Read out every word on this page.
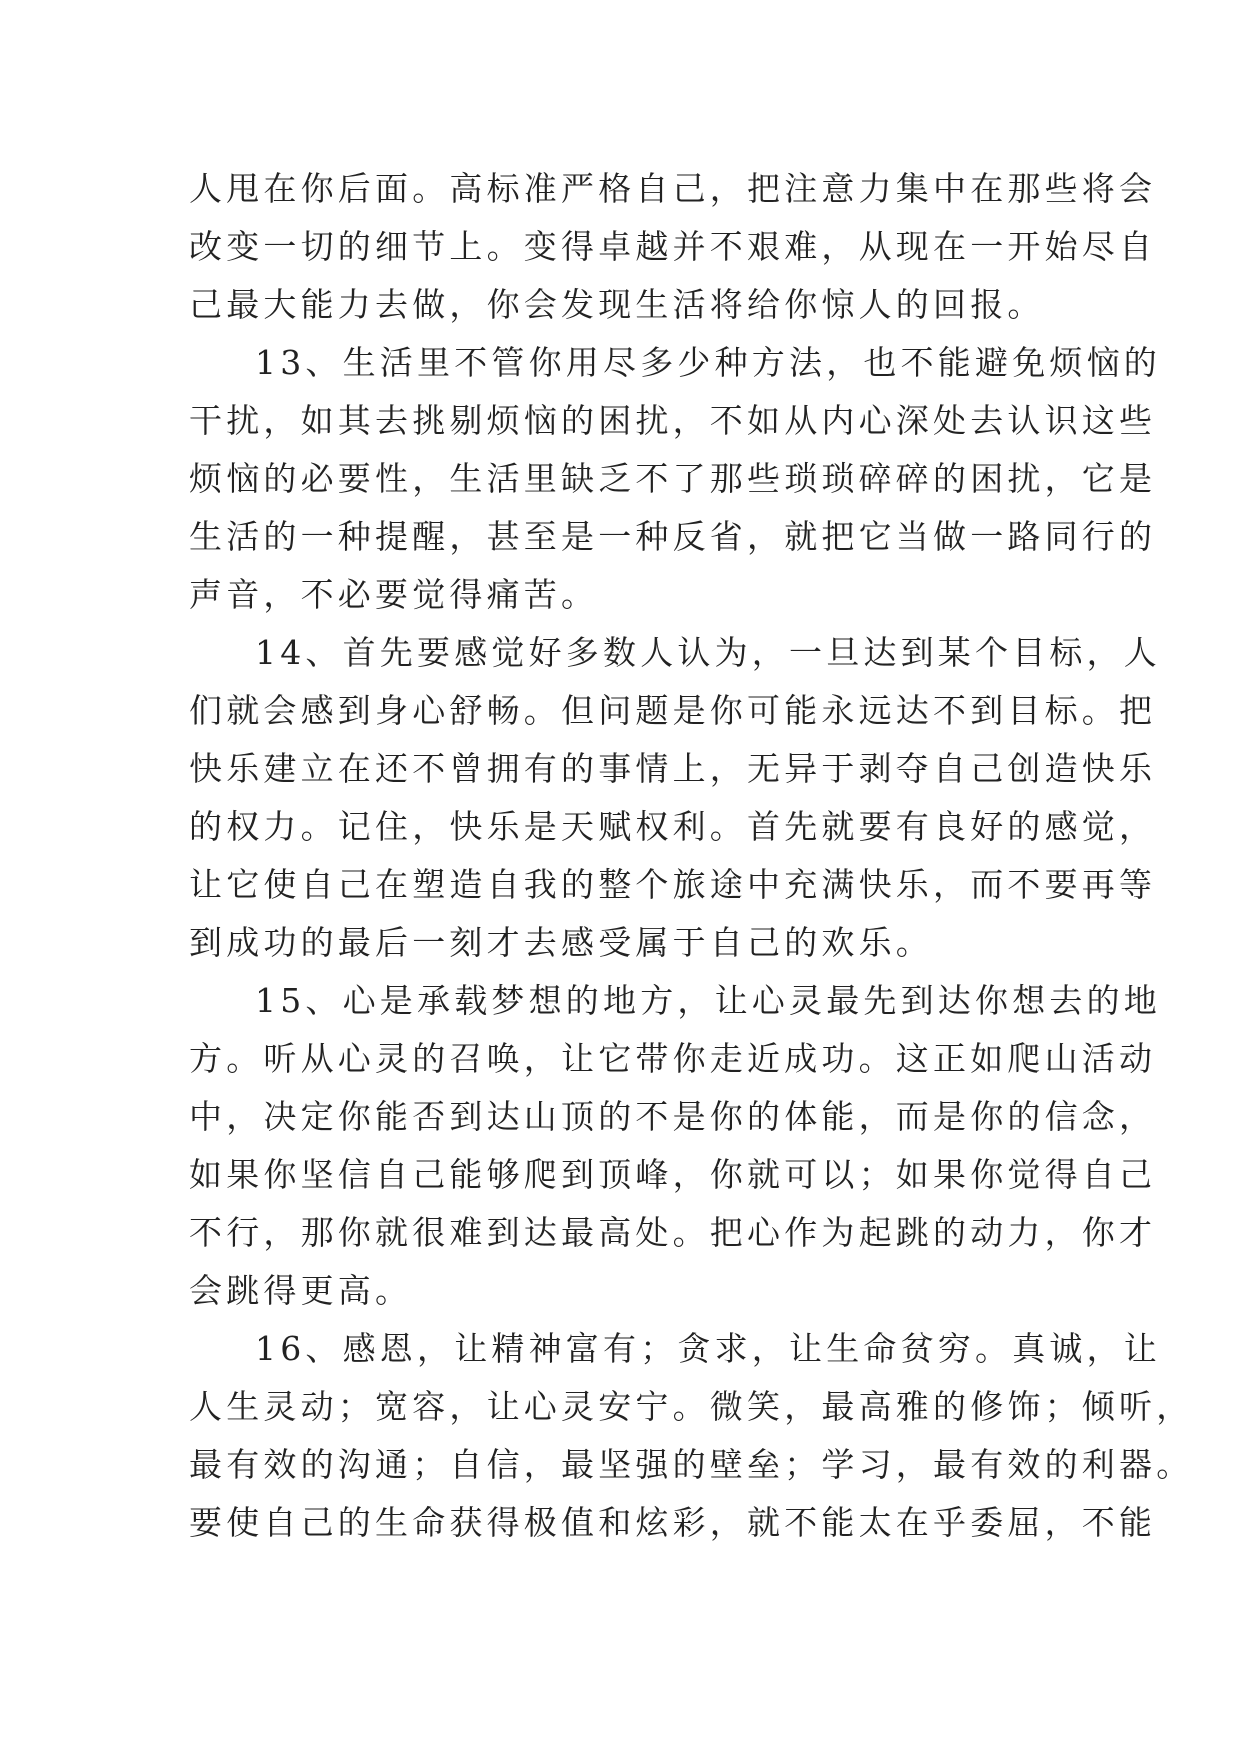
人甩在你后面。高标准严格自己，把注意力集中在那些将会
改变一切的细节上。变得卓越并不艰难，从现在一开始尽自
己最大能力去做，你会发现生活将给你惊人的回报。
13、生活里不管你用尽多少种方法，也不能避免烦恼的
干扰，如其去挑剔烦恼的困扰，不如从内心深处去认识这些
烦恼的必要性，生活里缺乏不了那些琐琐碎碎的困扰，它是
生活的一种提醒，甚至是一种反省，就把它当做一路同行的
声音，不必要觉得痛苦。
14、首先要感觉好多数人认为，一旦达到某个目标，人
们就会感到身心舒畅。但问题是你可能永远达不到目标。把
快乐建立在还不曾拥有的事情上，无异于剥夺自己创造快乐
的权力。记住，快乐是天赋权利。首先就要有良好的感觉，
让它使自己在塑造自我的整个旅途中充满快乐，而不要再等
到成功的最后一刻才去感受属于自己的欢乐。
15、心是承载梦想的地方，让心灵最先到达你想去的地
方。听从心灵的召唤，让它带你走近成功。这正如爬山活动
中，决定你能否到达山顶的不是你的体能，而是你的信念，
如果你坚信自己能够爬到顶峰，你就可以；如果你觉得自己
不行，那你就很难到达最高处。把心作为起跳的动力，你才
会跳得更高。
16、感恩，让精神富有；贪求，让生命贫穷。真诚，让
人生灵动；宽容，让心灵安宁。微笑，最高雅的修饰；倾听，
最有效的沟通；自信，最坚强的壁垒；学习，最有效的利器。
要使自己的生命获得极值和炫彩，就不能太在乎委屈，不能
